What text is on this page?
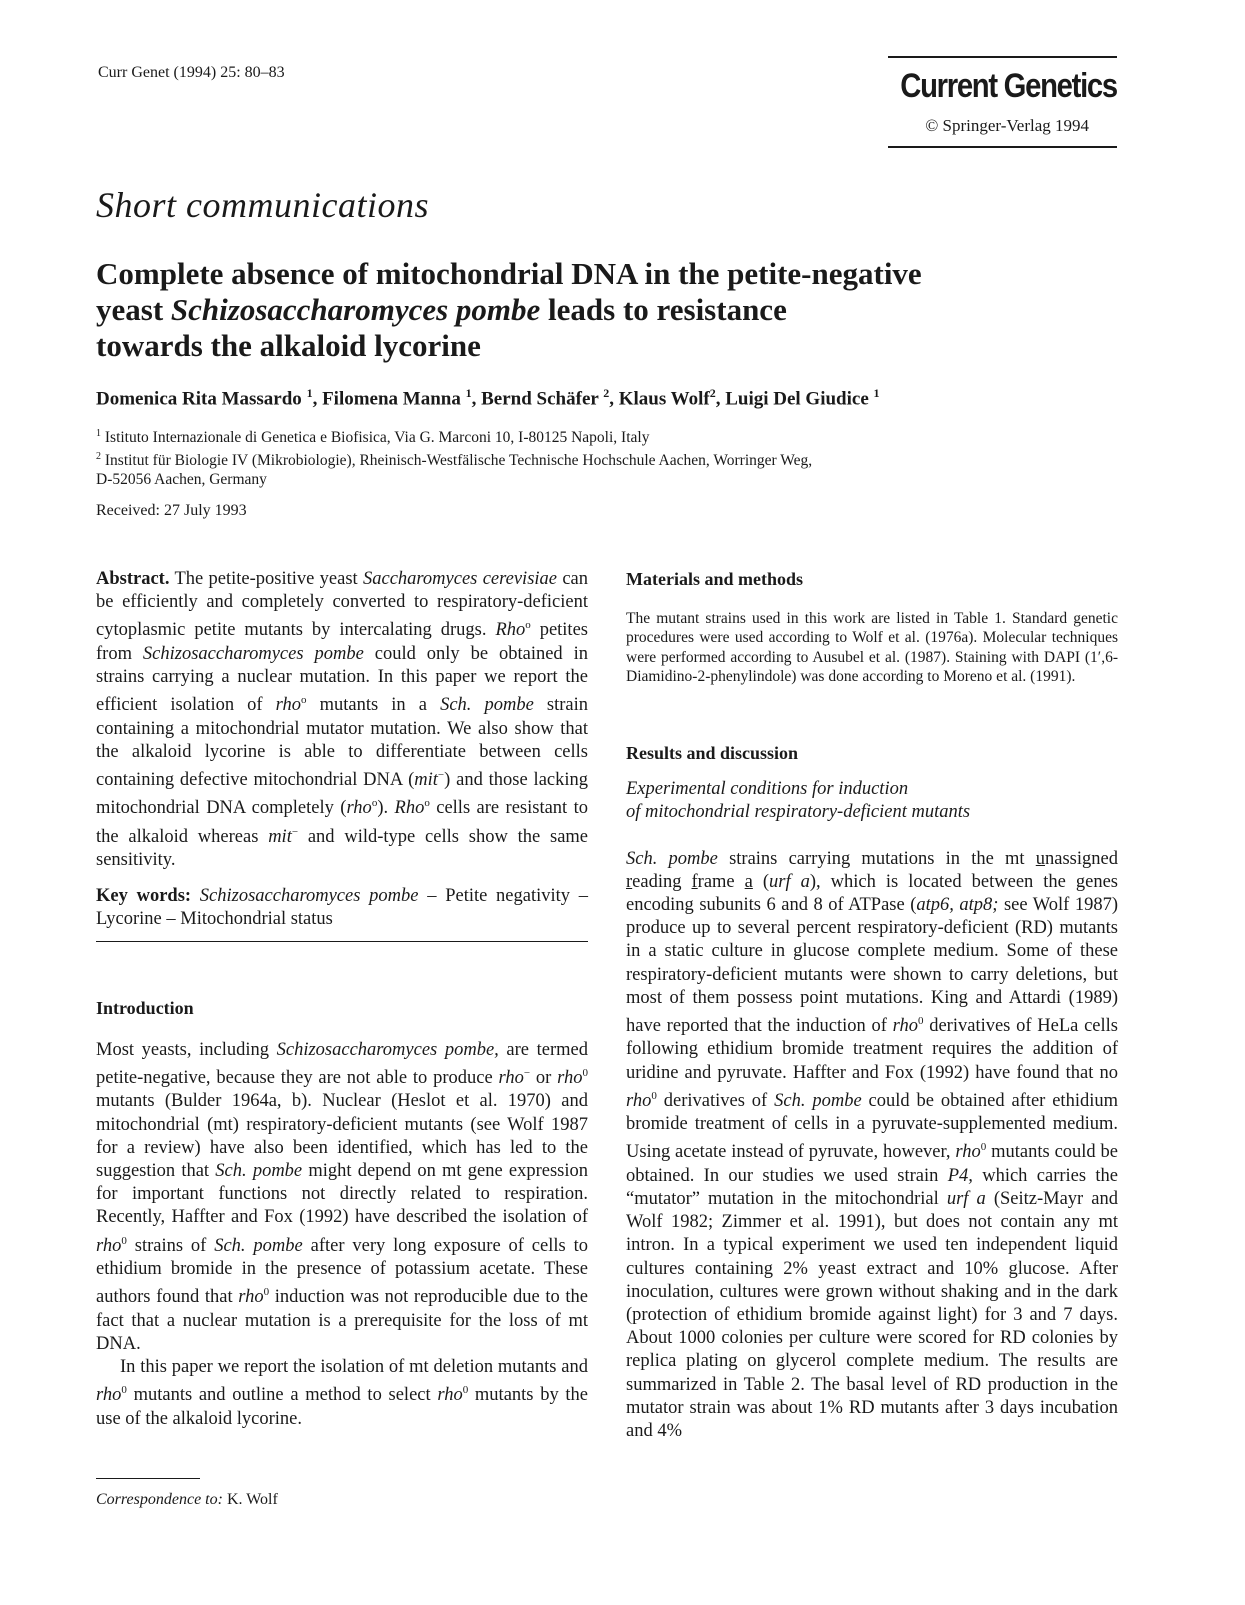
Curr Genet (1994) 25: 80–83	Current Genetics
© Springer-Verlag 1994
Short communications
Complete absence of mitochondrial DNA in the petite-negative
yeast Schizosaccharomyces pombe leads to resistance
towards the alkaloid lycorine
Domenica Rita Massardo $^1$, Filomena Manna $^1$, Bernd Schäfer $^2$, Klaus Wolf$^2$, Luigi Del Giudice $^1$
$^1$ Istituto Internazionale di Genetica e Biofisica, Via G. Marconi 10, I-80125 Napoli, Italy
$^2$ Institut für Biologie IV (Mikrobiologie), Rheinisch-Westfälische Technische Hochschule Aachen, Worringer Weg,
D-52056 Aachen, Germany
Received: 27 July 1993

Abstract. The petite-positive yeast Saccharomyces cerevisiae can be efficiently and completely converted to respiratory-deficient cytoplasmic petite mutants by intercalating drugs. Rho$^o$ petites from Schizosaccharomyces pombe could only be obtained in strains carrying a nuclear mutation. In this paper we report the efficient isolation of rho$^o$ mutants in a Sch. pombe strain containing a mitochondrial mutator mutation. We also show that the alkaloid lycorine is able to differentiate between cells containing defective mitochondrial DNA (mit−) and those lacking mitochondrial DNA completely (rho$^o$). Rho$^o$ cells are resistant to the alkaloid whereas mit− and wild-type cells show the same sensitivity.

Key words: Schizosaccharomyces pombe – Petite negativity – Lycorine – Mitochondrial status

Introduction

Most yeasts, including Schizosaccharomyces pombe, are termed petite-negative, because they are not able to produce rho− or rho$^0$ mutants (Bulder 1964a, b). Nuclear (Heslot et al. 1970) and mitochondrial (mt) respiratory-deficient mutants (see Wolf 1987 for a review) have also been identified, which has led to the suggestion that Sch. pombe might depend on mt gene expression for important functions not directly related to respiration. Recently, Haffter and Fox (1992) have described the isolation of rho$^0$ strains of Sch. pombe after very long exposure of cells to ethidium bromide in the presence of potassium acetate. These authors found that rho$^0$ induction was not reproducible due to the fact that a nuclear mutation is a prerequisite for the loss of mt DNA.

In this paper we report the isolation of mt deletion mutants and rho$^0$ mutants and outline a method to select rho$^0$ mutants by the use of the alkaloid lycorine.

Correspondence to: K. Wolf

Materials and methods

The mutant strains used in this work are listed in Table 1. Standard genetic procedures were used according to Wolf et al. (1976a). Molecular techniques were performed according to Ausubel et al. (1987). Staining with DAPI (1′,6-Diamidino-2-phenylindole) was done according to Moreno et al. (1991).

Results and discussion

Experimental conditions for induction
of mitochondrial respiratory-deficient mutants

Sch. pombe strains carrying mutations in the mt unassigned reading frame a (urf a), which is located between the genes encoding subunits 6 and 8 of ATPase (atp6, atp8; see Wolf 1987) produce up to several percent respiratory-deficient (RD) mutants in a static culture in glucose complete medium. Some of these respiratory-deficient mutants were shown to carry deletions, but most of them possess point mutations. King and Attardi (1989) have reported that the induction of rho$^0$ derivatives of HeLa cells following ethidium bromide treatment requires the addition of uridine and pyruvate. Haffter and Fox (1992) have found that no rho$^0$ derivatives of Sch. pombe could be obtained after ethidium bromide treatment of cells in a pyruvate-supplemented medium. Using acetate instead of pyruvate, however, rho$^0$ mutants could be obtained. In our studies we used strain P4, which carries the “mutator” mutation in the mitochondrial urf a (Seitz-Mayr and Wolf 1982; Zimmer et al. 1991), but does not contain any mt intron. In a typical experiment we used ten independent liquid cultures containing 2% yeast extract and 10% glucose. After inoculation, cultures were grown without shaking and in the dark (protection of ethidium bromide against light) for 3 and 7 days. About 1000 colonies per culture were scored for RD colonies by replica plating on glycerol complete medium. The results are summarized in Table 2. The basal level of RD production in the mutator strain was about 1% RD mutants after 3 days incubation and 4%
